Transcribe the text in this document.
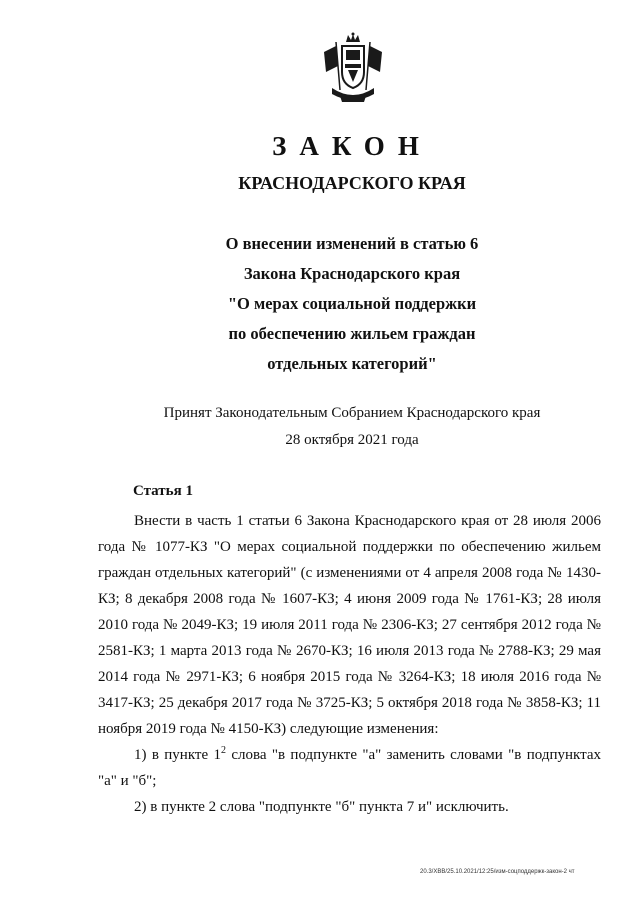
ЗАКОН
КРАСНОДАРСКОГО КРАЯ
О внесении изменений в статью 6
Закона Краснодарского края
"О мерах социальной поддержки
по обеспечению жильем граждан
отдельных категорий"
Принят Законодательным Собранием Краснодарского края
28 октября 2021 года
Статья 1

Внести в часть 1 статьи 6 Закона Краснодарского края от 28 июля 2006 года № 1077-КЗ "О мерах социальной поддержки по обеспечению жильем граждан отдельных категорий" (с изменениями от 4 апреля 2008 года № 1430-КЗ; 8 декабря 2008 года № 1607-КЗ; 4 июня 2009 года № 1761-КЗ; 28 июля 2010 года № 2049-КЗ; 19 июля 2011 года № 2306-КЗ; 27 сентября 2012 года № 2581-КЗ; 1 марта 2013 года № 2670-КЗ; 16 июля 2013 года № 2788-КЗ; 29 мая 2014 года № 2971-КЗ; 6 ноября 2015 года № 3264-КЗ; 18 июля 2016 года № 3417-КЗ; 25 декабря 2017 года № 3725-КЗ; 5 октября 2018 года № 3858-КЗ; 11 ноября 2019 года № 4150-КЗ) следующие изменения:

1) в пункте $1^2$ слова "в подпункте "а" заменить словами "в подпунктах "а" и "б";

2) в пункте 2 слова "подпункте "б" пункта 7 и" исключить.

20.3/ХВВ/25.10.2021/12:25/изм-соцподдержк-закон-2 чт
